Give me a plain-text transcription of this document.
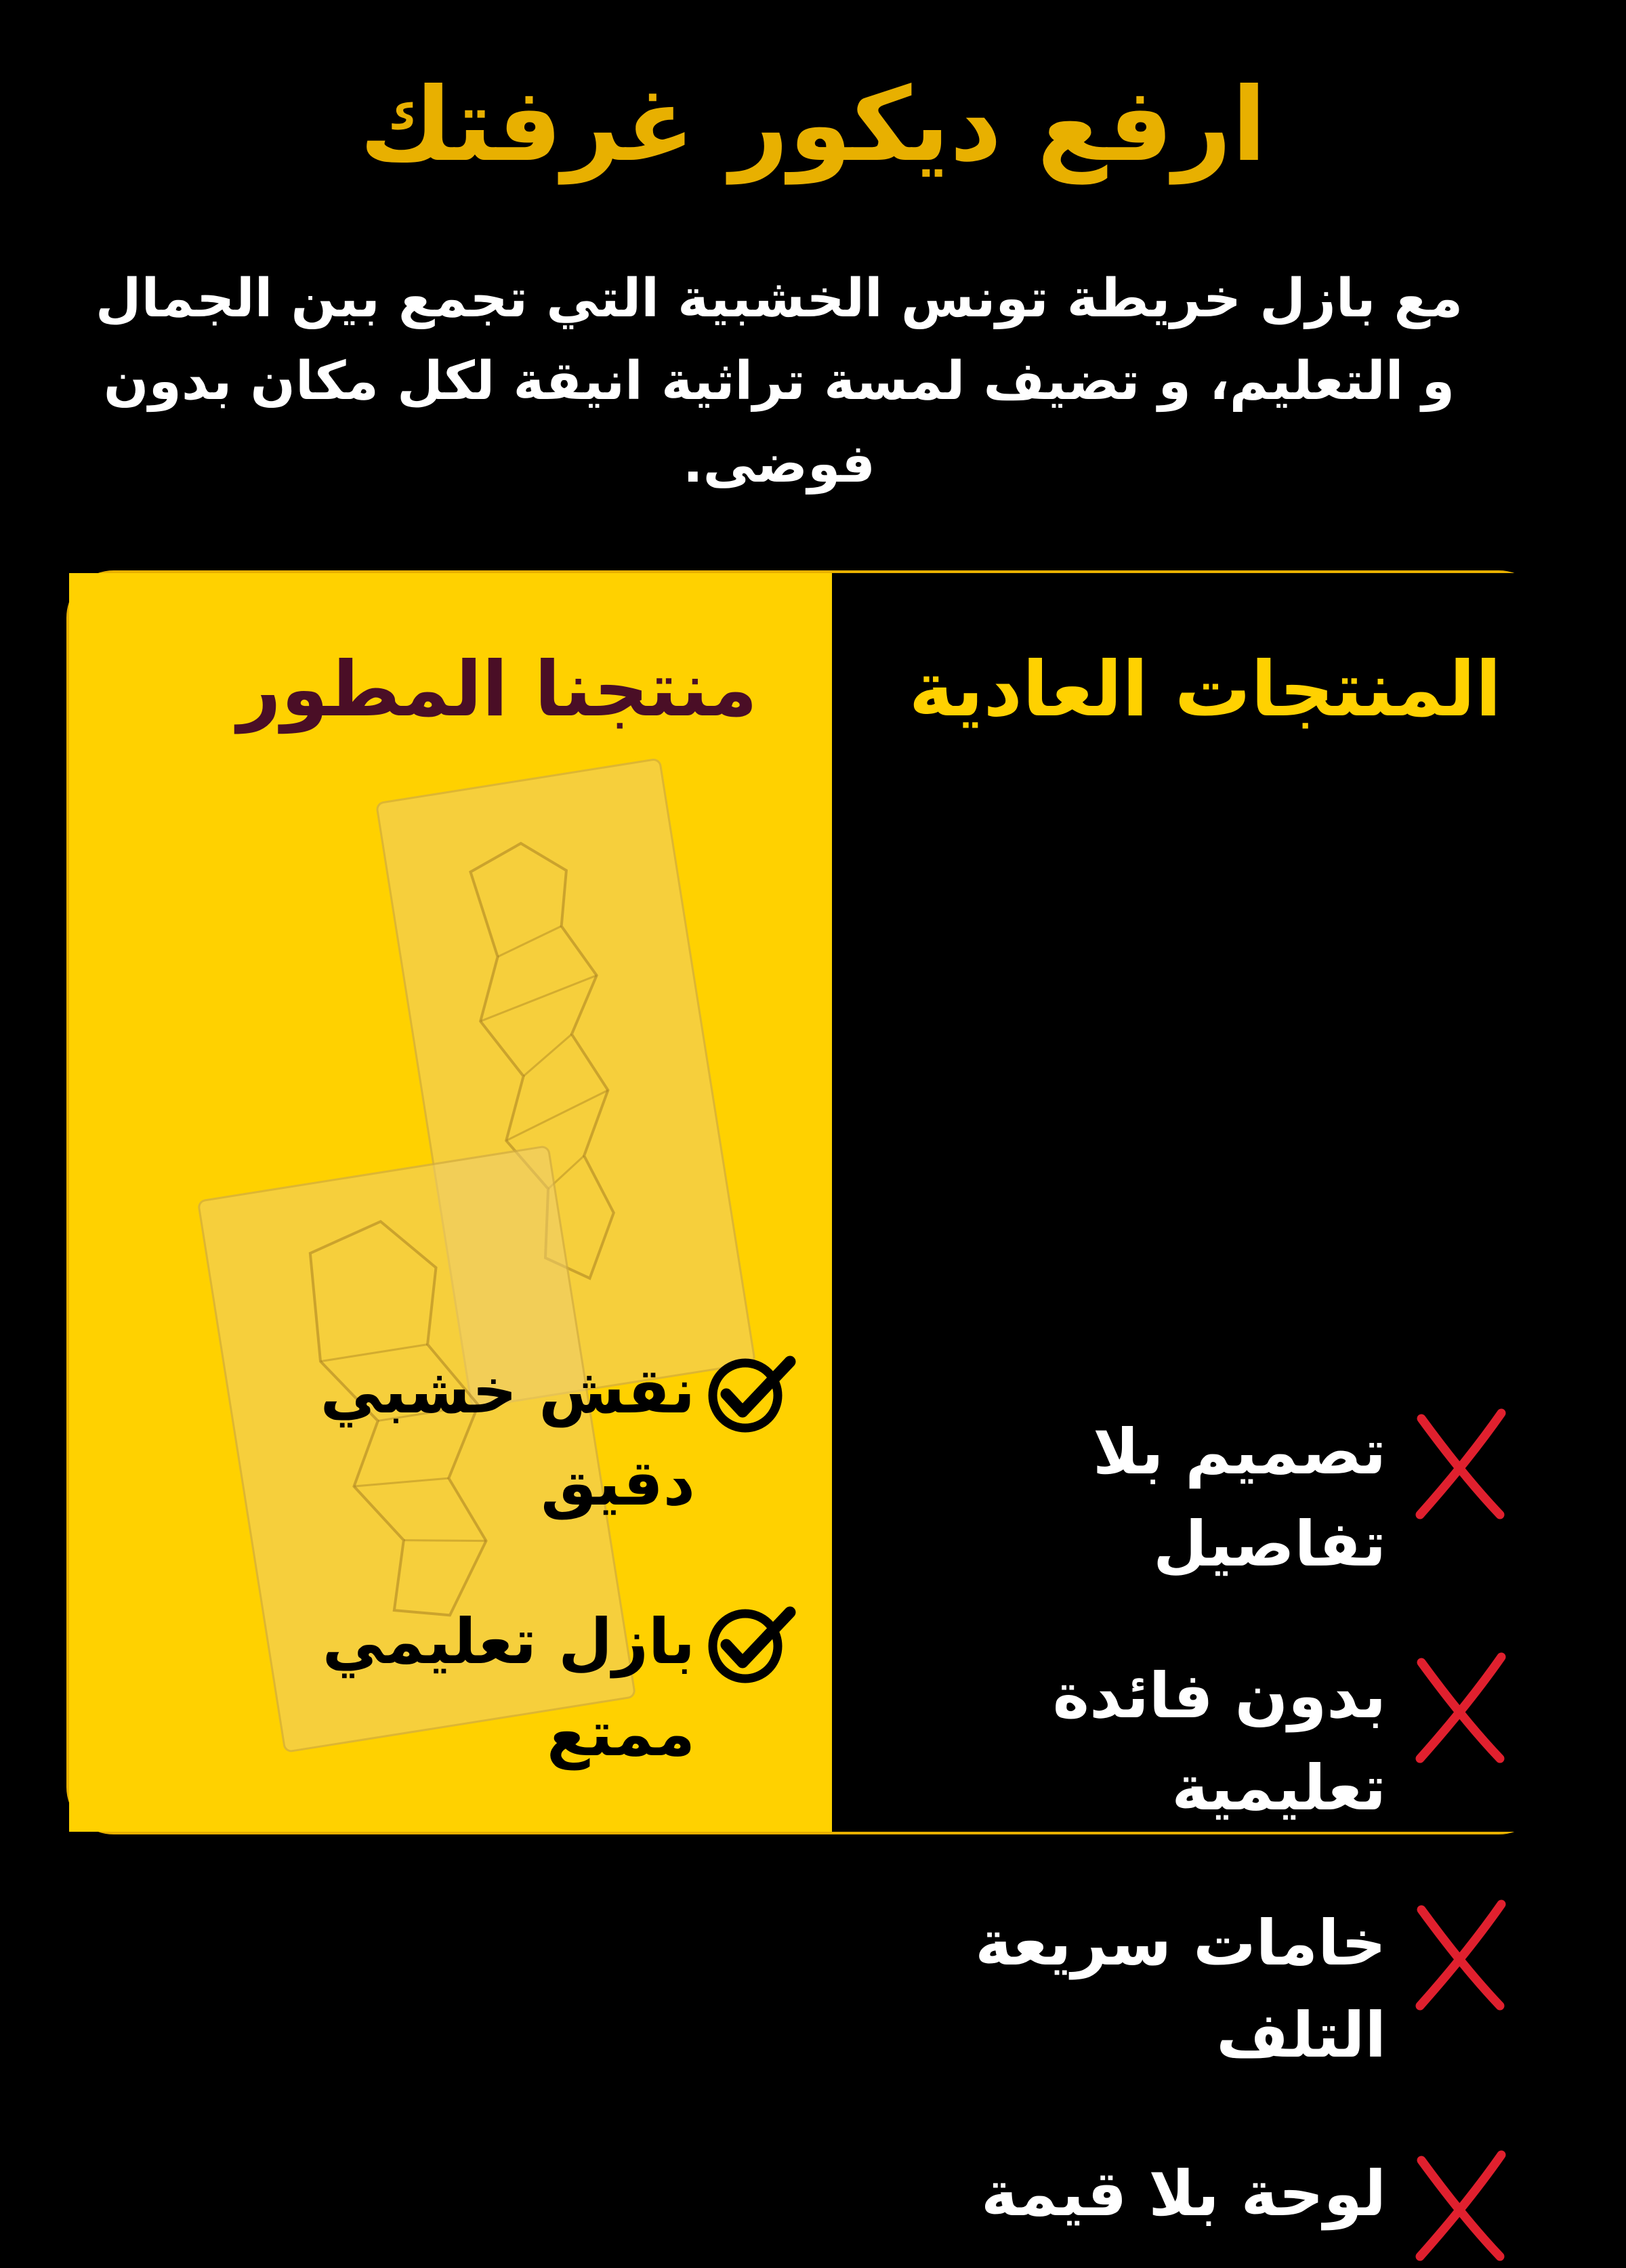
ارفع ديكور غرفتك

مع بازل خريطة تونس الخشبية التي تجمع بين الجمال و التعليم، و تضيف لمسة تراثية انيقة لكل مكان بدون فوضى.

منتجنا المطور
نقش خشبي
دقيق
بازل تعليمي
ممتع
ديكور تراثي
أنيق
هدية تونسية
فريدة
المنتجات العادية
تصميم بلا
تفاصيل
بدون فائدة
تعليمية
خامات سريعة
التلف
لوحة بلا قيمة
